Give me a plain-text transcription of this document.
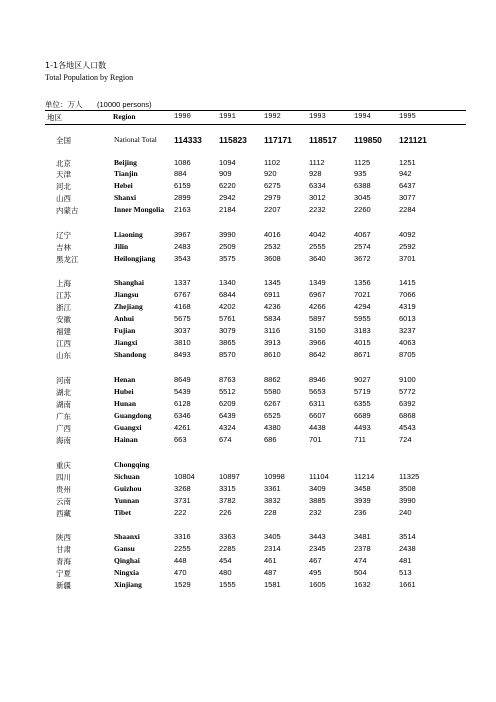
1-1各地区人口数
Total Population by Region
单位：万人 (10000 persons)
地区	Region	1990	1991	1992	1993	1994	1995
全国	National Total 114333 115823 117171 118517 119850 121121
北京	Beijing	1086	1094	1102	1112	1125	1251
天津	Tianjin	884	909	920	928	935	942
河北	Hebei	6159	6220	6275	6334	6388	6437
山西	Shanxi	2899	2942	2979	3012	3045	3077
内蒙古	Inner Mongolia 2163	2184	2207	2232	2260	2284
辽宁	Liaoning	3967	3990	4016	4042	4067	4092
吉林	Jilin	2483	2509	2532	2555	2574	2592
黑龙江	Heilongjiang 3543	3575	3608	3640	3672	3701
上海	Shanghai	1337	1340	1345	1349	1356	1415
江苏	Jiangsu	6767	6844	6911	6967	7021	7066
浙江	Zhejiang	4168	4202	4236	4266	4294	4319
安徽	Anhui	5675	5761	5834	5897	5955	6013
福建	Fujian	3037	3079	3116	3150	3183	3237
江西	Jiangxi	3810	3865	3913	3966	4015	4063
山东	Shandong	8493	8570	8610	8642	8671	8705
河南	Henan	8649	8763	8862	8946	9027	9100
湖北	Hubei	5439	5512	5580	5653	5719	5772
湖南	Hunan	6128	6209	6267	6311	6355	6392
广东	Guangdong	6346	6439	6525	6607	6689	6868
广西	Guangxi	4261	4324	4380	4438	4493	4543
海南	Hainan	663	674	686	701	711	724
重庆	Chongqing
四川	Sichuan	10804	10897	10998	11104	11214	11325
贵州	Guizhou	3268	3315	3361	3409	3458	3508
云南	Yunnan	3731	3782	3832	3885	3939	3990
西藏	Tibet	222	226	228	232	236	240
陕西	Shaanxi	3316	3363	3405	3443	3481	3514
甘肃	Gansu	2255	2285	2314	2345	2378	2438
青海	Qinghai	448	454	461	467	474	481
宁夏	Ningxia	470	480	487	495	504	513
新疆	Xinjiang	1529	1555	1581	1605	1632	1661
